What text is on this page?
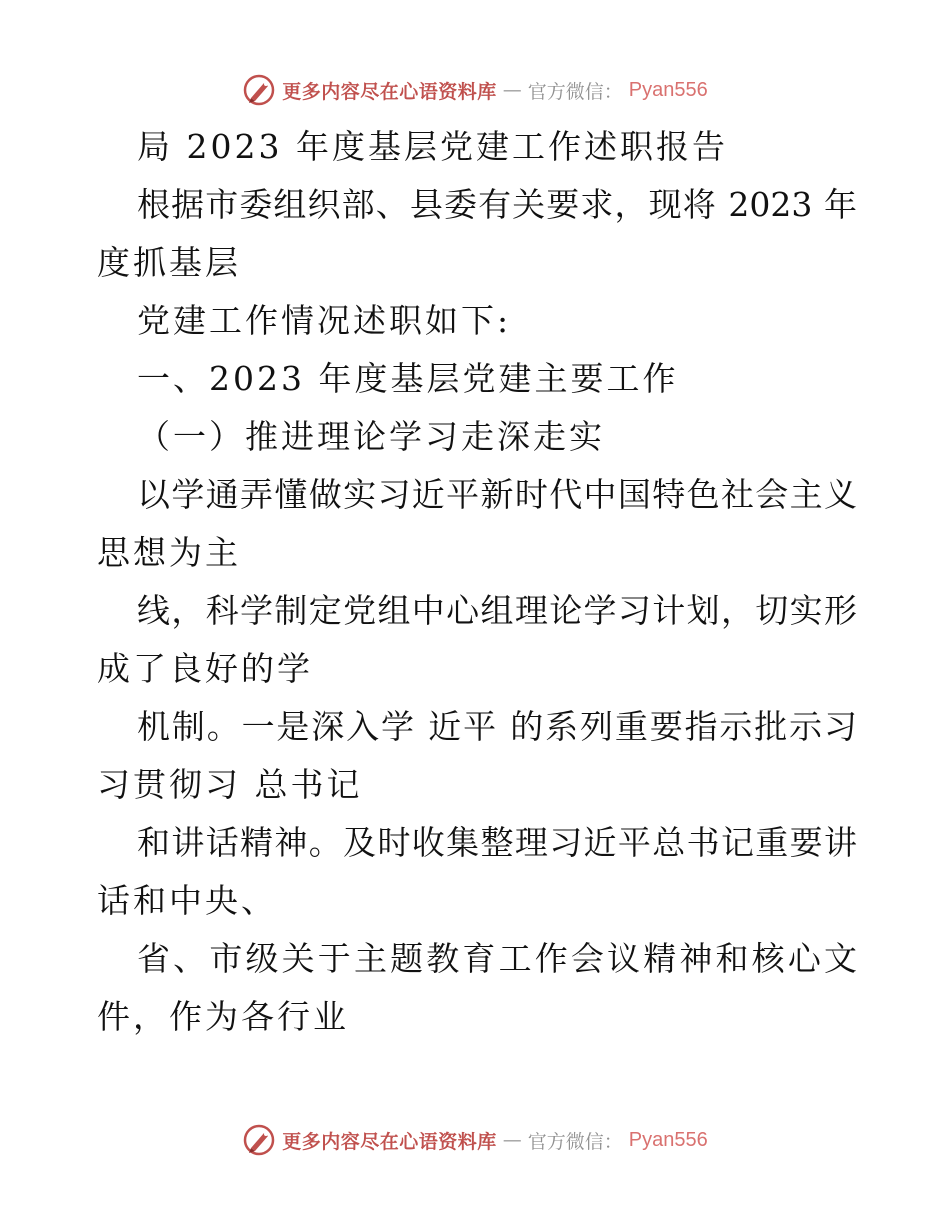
更多内容尽在心语资料库 — 官方微信： Pyan556
局 2023 年度基层党建工作述职报告
根据市委组织部、县委有关要求，现将 2023 年
度抓基层
党建工作情况述职如下:
一、2023 年度基层党建主要工作
（一）推进理论学习走深走实
以学通弄懂做实习近平新时代中国特色社会主义
思想为主
线，科学制定党组中心组理论学习计划，切实形
成了良好的学
机制。一是深入学 近平 的系列重要指示批示习
习贯彻习 总书记
和讲话精神。及时收集整理习近平总书记重要讲
话和中央、
省、市级关于主题教育工作会议精神和核心文
件，作为各行业
更多内容尽在心语资料库 — 官方微信： Pyan556
